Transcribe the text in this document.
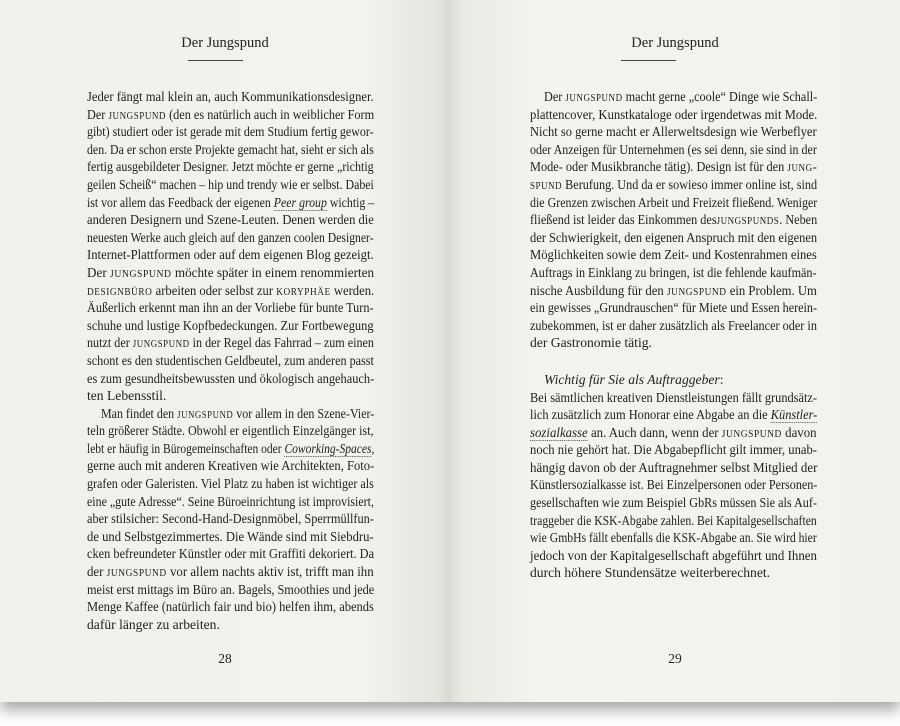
Der Jungspund
Jeder fängt mal klein an, auch Kommunikationsdesigner.
Der jungspund (den es natürlich auch in weiblicher Form
gibt) studiert oder ist gerade mit dem Studium fertig gewor-
den. Da er schon erste Projekte gemacht hat, sieht er sich als
fertig ausgebildeter Designer. Jetzt möchte er gerne „richtig
geilen Scheiß“ machen – hip und trendy wie er selbst. Dabei
ist vor allem das Feedback der eigenen Peer group wichtig –
anderen Designern und Szene-Leuten. Denen werden die
neuesten Werke auch gleich auf den ganzen coolen Designer-
Internet-Plattformen oder auf dem eigenen Blog gezeigt.
Der jungspund möchte später in einem renommierten
designbüro arbeiten oder selbst zur koryphäe werden.
Äußerlich erkennt man ihn an der Vorliebe für bunte Turn-
schuhe und lustige Kopfbedeckungen. Zur Fortbewegung
nutzt der jungspund in der Regel das Fahrrad – zum einen
schont es den studentischen Geldbeutel, zum anderen passt
es zum gesundheitsbewussten und ökologisch angehauch-
ten Lebensstil.
Man findet den jungspund vor allem in den Szene-Vier-
teln größerer Städte. Obwohl er eigentlich Einzelgänger ist,
lebt er häufig in Bürogemeinschaften oder Coworking-Spaces,
gerne auch mit anderen Kreativen wie Architekten, Foto-
grafen oder Galeristen. Viel Platz zu haben ist wichtiger als
eine „gute Adresse“. Seine Büroeinrichtung ist improvisiert,
aber stilsicher: Second-Hand-Designmöbel, Sperrmüllfun-
de und Selbstgezimmertes. Die Wände sind mit Siebdru-
cken befreundeter Künstler oder mit Graffiti dekoriert. Da
der jungspund vor allem nachts aktiv ist, trifft man ihn
meist erst mittags im Büro an. Bagels, Smoothies und jede
Menge Kaffee (natürlich fair und bio) helfen ihm, abends
dafür länger zu arbeiten.
28
Der Jungspund
Der jungspund macht gerne „coole“ Dinge wie Schall-
plattencover, Kunstkataloge oder irgendetwas mit Mode.
Nicht so gerne macht er Allerweltsdesign wie Werbeflyer
oder Anzeigen für Unternehmen (es sei denn, sie sind in der
Mode- oder Musikbranche tätig). Design ist für den jung-
spund Berufung. Und da er sowieso immer online ist, sind
die Grenzen zwischen Arbeit und Freizeit fließend. Weniger
fließend ist leider das Einkommen desjungspunds. Neben
der Schwierigkeit, den eigenen Anspruch mit den eigenen
Möglichkeiten sowie dem Zeit- und Kostenrahmen eines
Auftrags in Einklang zu bringen, ist die fehlende kaufmän-
nische Ausbildung für den jungspund ein Problem. Um
ein gewisses „Grundrauschen“ für Miete und Essen herein-
zubekommen, ist er daher zusätzlich als Freelancer oder in
der Gastronomie tätig.
Wichtig für Sie als Auftraggeber:
Bei sämtlichen kreativen Dienstleistungen fällt grundsätz-
lich zusätzlich zum Honorar eine Abgabe an die Künstler-
sozialkasse an. Auch dann, wenn der jungspund davon
noch nie gehört hat. Die Abgabepflicht gilt immer, unab-
hängig davon ob der Auftragnehmer selbst Mitglied der
Künstlersozialkasse ist. Bei Einzelpersonen oder Personen-
gesellschaften wie zum Beispiel GbRs müssen Sie als Auf-
traggeber die KSK-Abgabe zahlen. Bei Kapitalgesellschaften
wie GmbHs fällt ebenfalls die KSK-Abgabe an. Sie wird hier
jedoch von der Kapitalgesellschaft abgeführt und Ihnen
durch höhere Stundensätze weiterberechnet.
29
